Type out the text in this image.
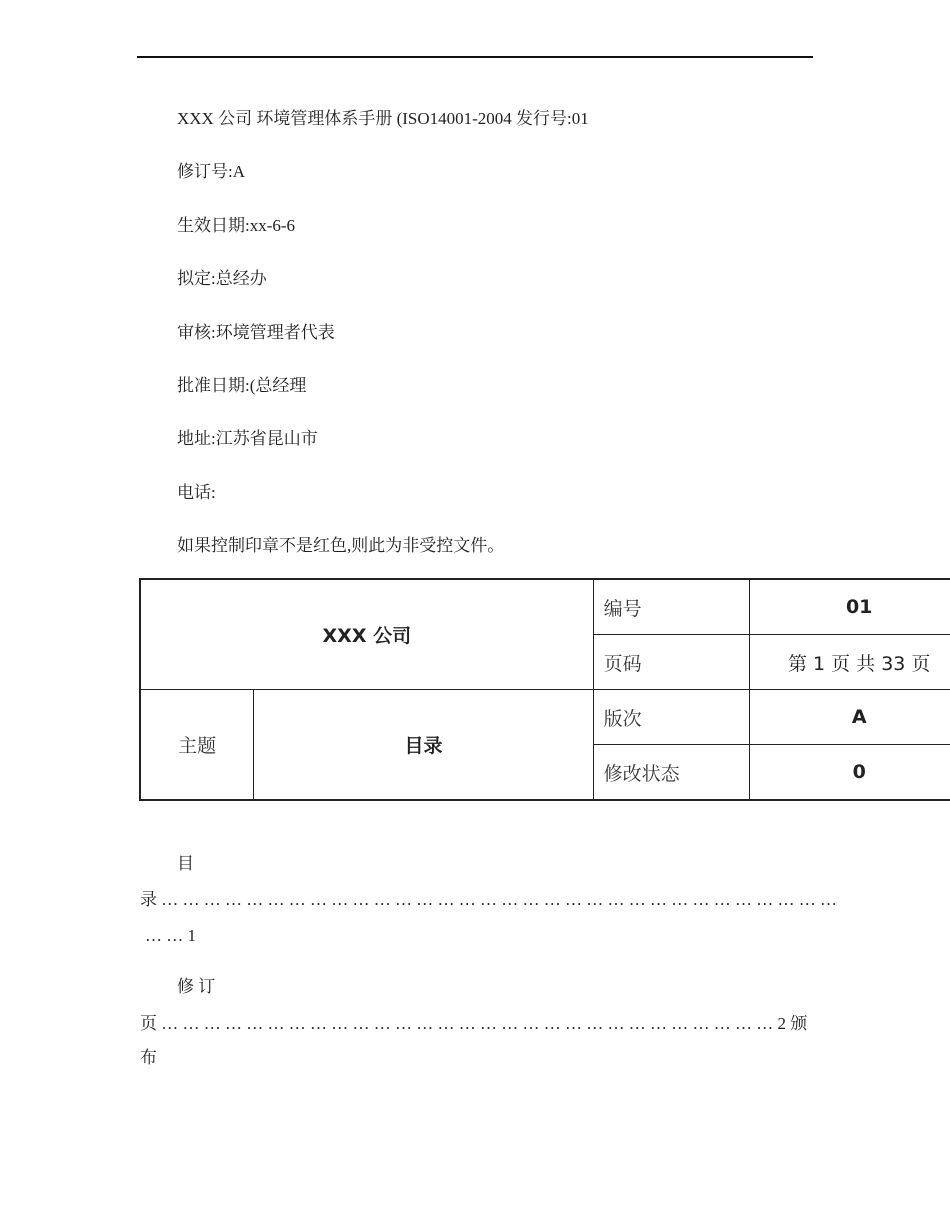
XXX 公司 环境管理体系手册 (ISO14001-2004 发行号:01
修订号:A
生效日期:xx-6-6
拟定:总经办
审核:环境管理者代表
批准日期:(总经理
地址:江苏省昆山市
电话:
如果控制印章不是红色,则此为非受控文件。
XXX 公司		编号	01
		页码	第 1 页 共 33 页
主题	目录	版次	A
		修改状态	0
目
录 … … … … … … … … … … … … … … … … … … … … … … … … … … … … … … … …
… … 1
修 订
页 … … … … … … … … … … … … … … … … … … … … … … … … … … … … … 2 颁
布
